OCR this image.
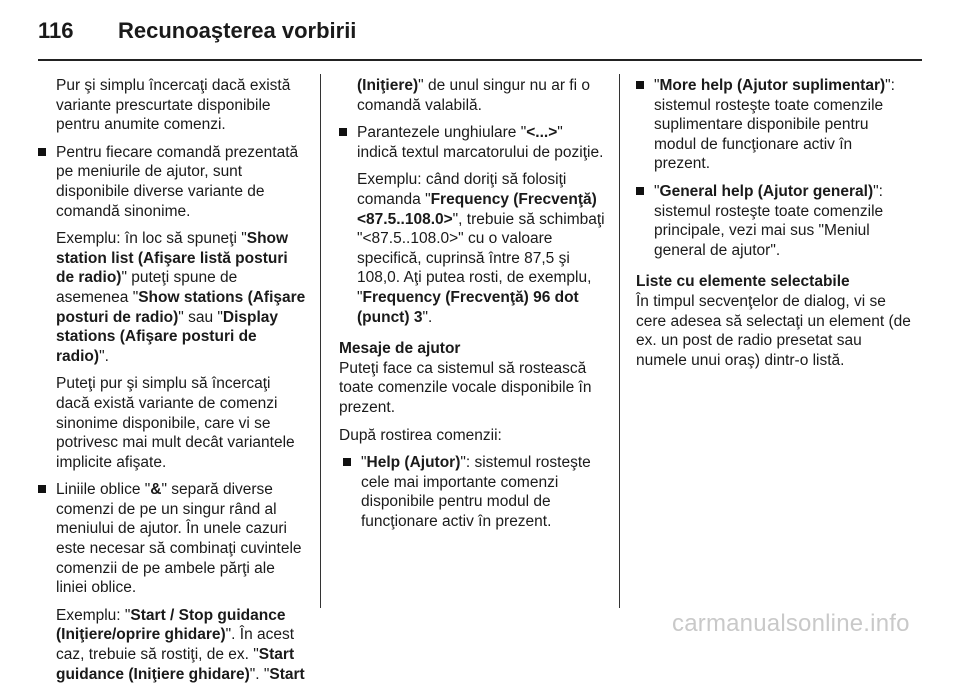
116 Recunoaşterea vorbirii

Pur şi simplu încercaţi dacă există variante prescurtate disponibile pentru anumite comenzi.

Pentru fiecare comandă prezentată pe meniurile de ajutor, sunt disponibile diverse variante de comandă sinonime.

Exemplu: în loc să spuneţi "Show station list (Afişare listă posturi de radio)" puteţi spune de asemenea "Show stations (Afişare posturi de radio)" sau "Display stations (Afişare posturi de radio)".

Puteţi pur şi simplu să încercaţi dacă există variante de comenzi sinonime disponibile, care vi se potrivesc mai mult decât variantele implicite afişate.

Liniile oblice "&" separă diverse comenzi de pe un singur rând al meniului de ajutor. În unele cazuri este necesar să combinaţi cuvintele comenzii de pe ambele părţi ale liniei oblice.

Exemplu: "Start / Stop guidance (Iniţiere/oprire ghidare)". În acest caz, trebuie să rostiţi, de ex. "Start guidance (Iniţiere ghidare)". "Start

(Iniţiere)" de unul singur nu ar fi o comandă valabilă.

Parantezele unghiulare "<...>" indică textul marcatorului de poziţie.

Exemplu: când doriţi să folosiţi comanda "Frequency (Frecvenţă) <87.5..108.0>", trebuie să schimbaţi "<87.5..108.0>" cu o valoare specifică, cuprinsă între 87,5 şi 108,0. Aţi putea rosti, de exemplu, "Frequency (Frecvenţă) 96 dot (punct) 3".

Mesaje de ajutor

Puteţi face ca sistemul să rostească toate comenzile vocale disponibile în prezent.

După rostirea comenzii:

"Help (Ajutor)": sistemul rosteşte cele mai importante comenzi disponibile pentru modul de funcţionare activ în prezent.

"More help (Ajutor suplimentar)": sistemul rosteşte toate comenzile suplimentare disponibile pentru modul de funcţionare activ în prezent.

"General help (Ajutor general)": sistemul rosteşte toate comenzile principale, vezi mai sus "Meniul general de ajutor".

Liste cu elemente selectabile

În timpul secvenţelor de dialog, vi se cere adesea să selectaţi un element (de ex. un post de radio presetat sau numele unui oraş) dintr-o listă.

carmanualsonline.info
